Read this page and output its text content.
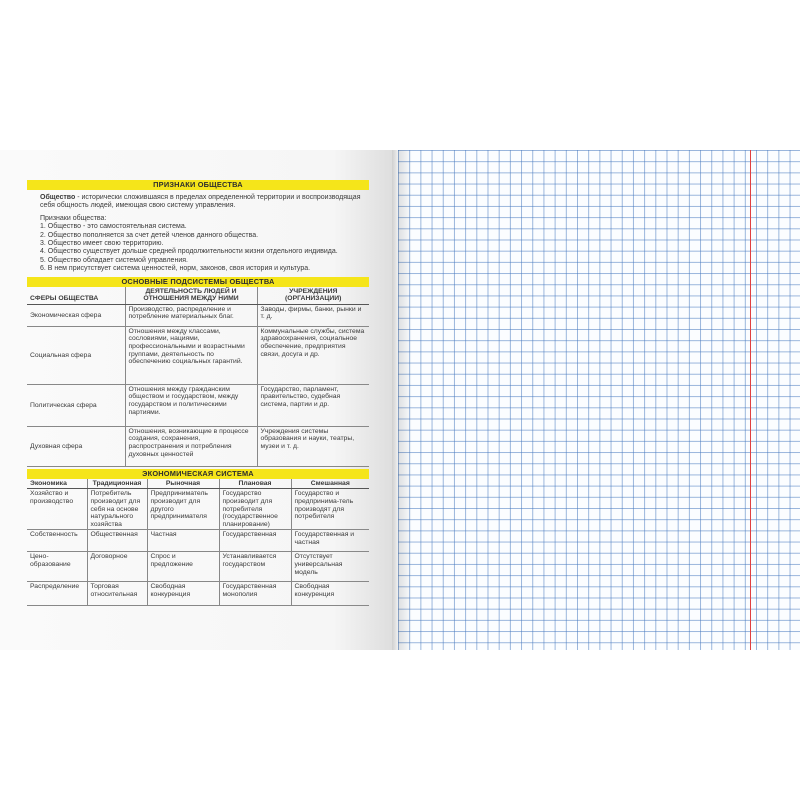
ПРИЗНАКИ ОБЩЕСТВА
Общество - исторически сложившаяся в пределах определенной территории и воспроизводящая себя общность людей, имеющая свою систему управления.
Признаки общества:
1. Общество - это самостоятельная система.
2. Общество пополняется за счет детей членов данного общества.
3. Общество имеет свою территорию.
4. Общество существует дольше средней продолжительности жизни отдельного индивида.
5. Общество обладает системой управления.
6. В нем присутствует система ценностей, норм, законов, своя история и культура.
ОСНОВНЫЕ ПОДСИСТЕМЫ ОБЩЕСТВА
СФЕРЫ ОБЩЕСТВА	ДЕЯТЕЛЬНОСТЬ ЛЮДЕЙ И ОТНОШЕНИЯ МЕЖДУ НИМИ	УЧРЕЖДЕНИЯ (ОРГАНИЗАЦИИ)
Экономическая сфера	Производство, распределение и потребление материальных благ.	Заводы, фирмы, банки, рынки и т. д.
Социальная сфера	Отношения между классами, сословиями, нациями, профессиональными и возрастными группами, деятельность по обеспечению социальных гарантий.	Коммунальные службы, система здравоохранения, социальное обеспечение, предприятия связи, досуга и др.
Политическая сфера	Отношения между гражданским обществом и государством, между государством и политическими партиями.	Государство, парламент, правительство, судебная система, партии и др.
Духовная сфера	Отношения, возникающие в процессе создания, сохранения, распространения и потребления духовных ценностей	Учреждения системы образования и науки, театры, музеи и т. д.
ЭКОНОМИЧЕСКАЯ СИСТЕМА
Экономика	Традиционная	Рыночная	Плановая	Смешанная
Хозяйство и производство	Потребитель производит для себя на основе натурального хозяйства	Предприниматель производит для другого предпринимателя	Государство производит для потребителя (государственное планирование)	Государство и предпринима-тель производят для потребителя
Собственность	Общественная	Частная	Государственная	Государственная и частная
Цено-образование	Договорное	Спрос и предложение	Устанавливается государством	Отсутствует универсальная модель
Распределение	Торговая относительная	Свободная конкуренция	Государственная монополия	Свободная конкуренция
